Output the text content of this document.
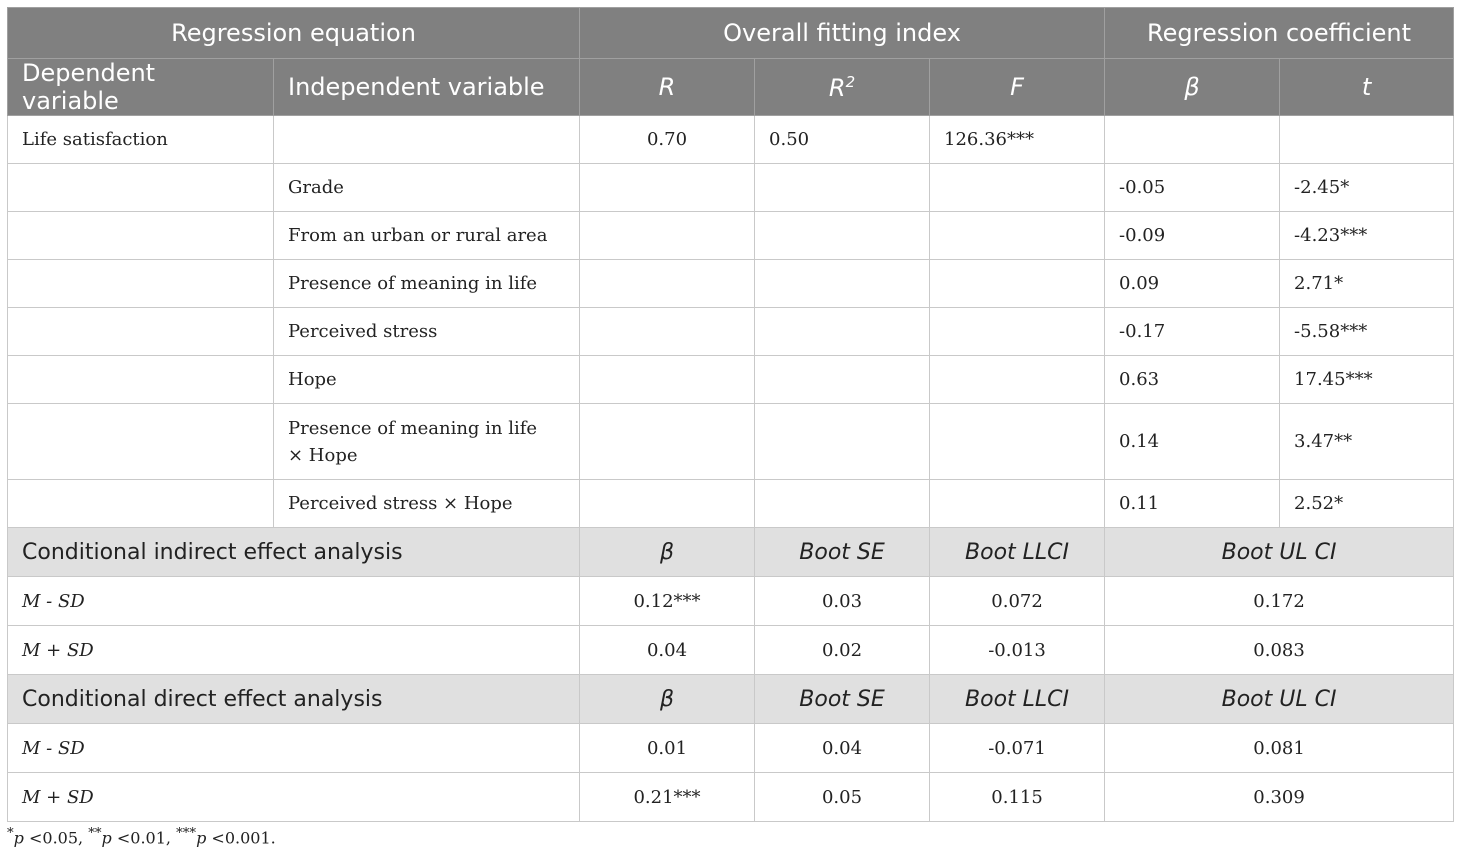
Regression equation		Overall fitting index			Regression coefficient	
Dependent variable	Independent variable	R	$R^2$	F	β	t
Life satisfaction		0.70	0.50	126.36***		
	Grade				-0.05	-2.45*
	From an urban or rural area				-0.09	-4.23***
	Presence of meaning in life				0.09	2.71*
	Perceived stress				-0.17	-5.58***
	Hope				0.63	17.45***

	Presence of meaning in life
× Hope				0.14	3.47**
	Perceived stress × Hope				0.11	2.52*
Conditional indirect effect analysis		β	Boot SE	Boot LLCI	Boot UL CI	
M - SD		0.12***	0.03	0.072	0.172	
M + SD		0.04	0.02	-0.013	0.083	
Conditional direct effect analysis		β	Boot SE	Boot LLCI	Boot UL CI	
M - SD		0.01	0.04	-0.071	0.081	
M + SD		0.21***	0.05	0.115	0.309	
*p <0.05, **p <0.01, ***p <0.001.
